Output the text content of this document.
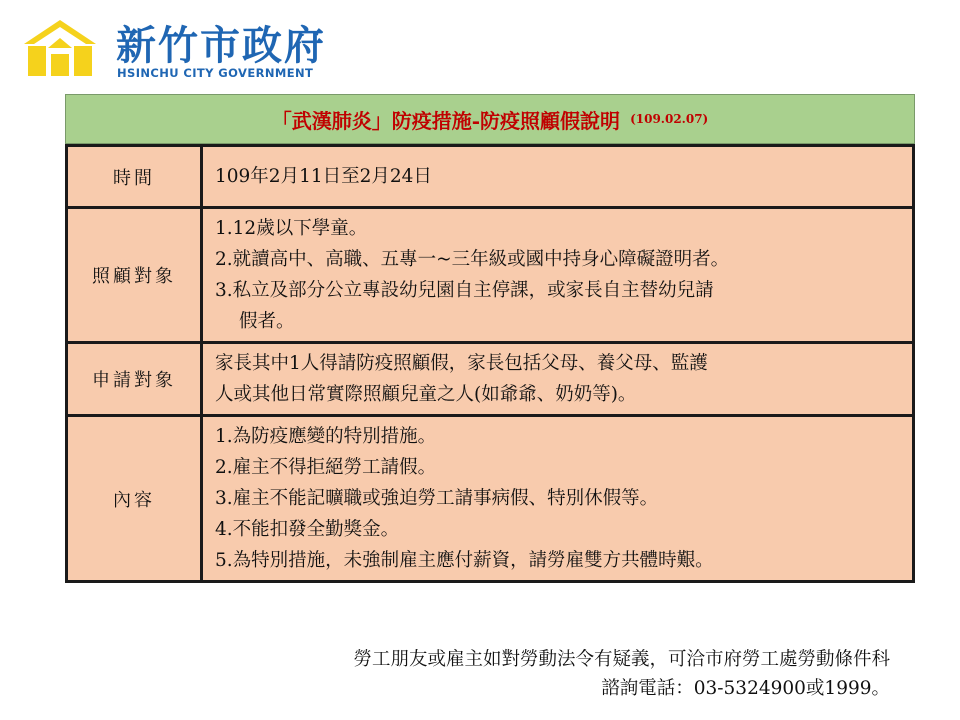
新竹市政府
HSINCHU CITY GOVERNMENT
「武漢肺炎」防疫措施-防疫照顧假說明 (109.02.07)
時間	109年2月11日至2月24日

照顧對象	1.12歲以下學童。
2.就讀高中、高職、五專一~三年級或國中持身心障礙證明者。
3.私立及部分公立專設幼兒園自主停課，或家長自主替幼兒請
假者。

申請對象	家長其中1人得請防疫照顧假，家長包括父母、養父母、監護
人或其他日常實際照顧兒童之人(如爺爺、奶奶等)。

內容	1.為防疫應變的特別措施。
2.雇主不得拒絕勞工請假。
3.雇主不能記曠職或強迫勞工請事病假、特別休假等。
4.不能扣發全勤獎金。
5.為特別措施，未強制雇主應付薪資，請勞雇雙方共體時艱。
勞工朋友或雇主如對勞動法令有疑義，可洽市府勞工處勞動條件科
諮詢電話：03-5324900或1999。
